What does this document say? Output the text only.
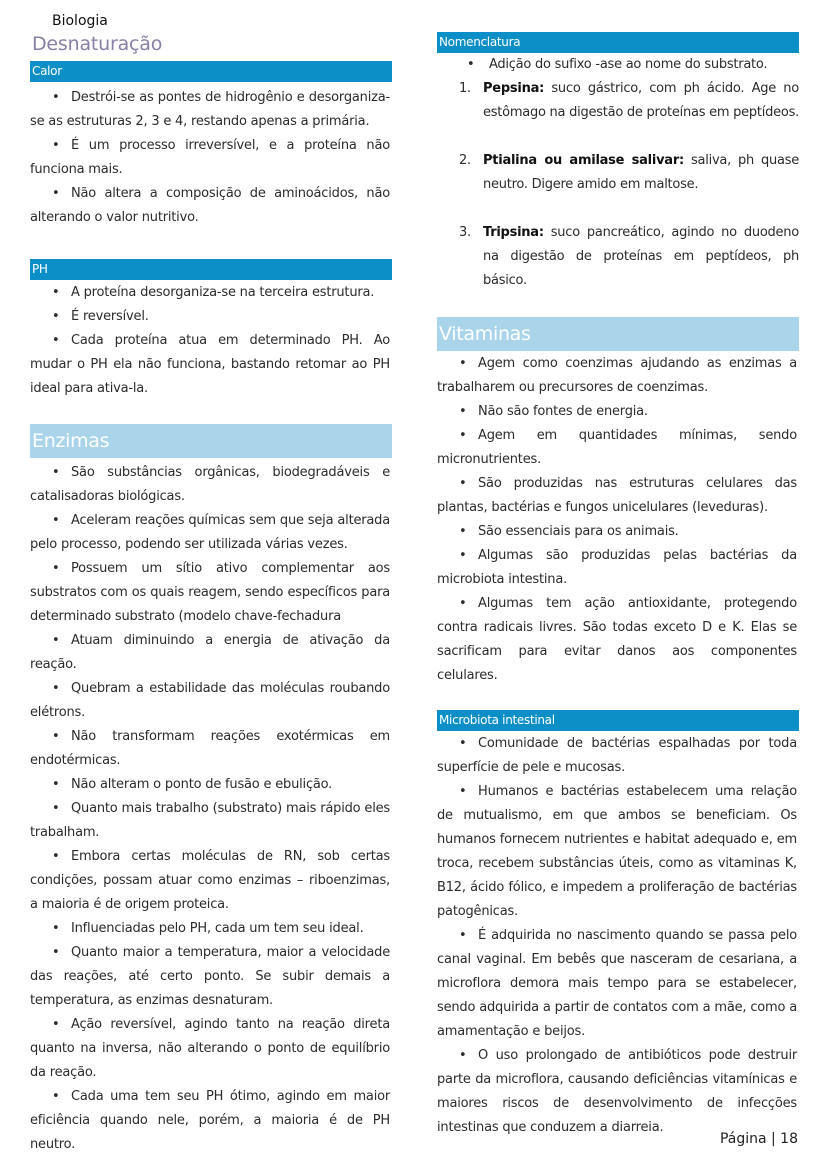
Biologia
Desnaturação
Calor

• Destrói-se as pontes de hidrogênio e desorganiza-se as estruturas 2, 3 e 4, restando apenas a primária.

• É um processo irreversível, e a proteína não funciona mais.

• Não altera a composição de aminoácidos, não alterando o valor nutritivo.

PH

• A proteína desorganiza-se na terceira estrutura.

• É reversível.

• Cada proteína atua em determinado PH. Ao mudar o PH ela não funciona, bastando retomar ao PH ideal para ativa-la.

Enzimas

• São substâncias orgânicas, biodegradáveis e catalisadoras biológicas.

• Aceleram reações químicas sem que seja alterada pelo processo, podendo ser utilizada várias vezes.

• Possuem um sítio ativo complementar aos substratos com os quais reagem, sendo específicos para determinado substrato (modelo chave-fechadura

• Atuam diminuindo a energia de ativação da reação.

• Quebram a estabilidade das moléculas roubando elétrons.

• Não transformam reações exotérmicas em endotérmicas.

• Não alteram o ponto de fusão e ebulição.

• Quanto mais trabalho (substrato) mais rápido eles trabalham.

• Embora certas moléculas de RN, sob certas condições, possam atuar como enzimas – riboenzimas, a maioria é de origem proteica.

• Influenciadas pelo PH, cada um tem seu ideal.

• Quanto maior a temperatura, maior a velocidade das reações, até certo ponto. Se subir demais a temperatura, as enzimas desnaturam.

• Ação reversível, agindo tanto na reação direta quanto na inversa, não alterando o ponto de equilíbrio da reação.

• Cada uma tem seu PH ótimo, agindo em maior eficiência quando nele, porém, a maioria é de PH neutro.

Nomenclatura
• Adição do sufixo -ase ao nome do substrato.
1. Pepsina: suco gástrico, com ph ácido. Age no estômago na digestão de proteínas em peptídeos.
2. Ptialina ou amilase salivar: saliva, ph quase neutro. Digere amido em maltose.
3. Tripsina: suco pancreático, agindo no duodeno na digestão de proteínas em peptídeos, ph básico.
Vitaminas

• Agem como coenzimas ajudando as enzimas a trabalharem ou precursores de coenzimas.

• Não são fontes de energia.

• Agem em quantidades mínimas, sendo micronutrientes.

• São produzidas nas estruturas celulares das plantas, bactérias e fungos unicelulares (leveduras).

• São essenciais para os animais.

• Algumas são produzidas pelas bactérias da microbiota intestina.

• Algumas tem ação antioxidante, protegendo contra radicais livres. São todas exceto D e K. Elas se sacrificam para evitar danos aos componentes celulares.

Microbiota intestinal

• Comunidade de bactérias espalhadas por toda superfície de pele e mucosas.

• Humanos e bactérias estabelecem uma relação de mutualismo, em que ambos se beneficiam. Os humanos fornecem nutrientes e habitat adequado e, em troca, recebem substâncias úteis, como as vitaminas K, B12, ácido fólico, e impedem a proliferação de bactérias patogênicas.

• É adquirida no nascimento quando se passa pelo canal vaginal. Em bebês que nasceram de cesariana, a microflora demora mais tempo para se estabelecer, sendo adquirida a partir de contatos com a mãe, como a amamentação e beijos.

• O uso prolongado de antibióticos pode destruir parte da microflora, causando deficiências vitamínicas e maiores riscos de desenvolvimento de infecções intestinas que conduzem a diarreia.

Página | 18
